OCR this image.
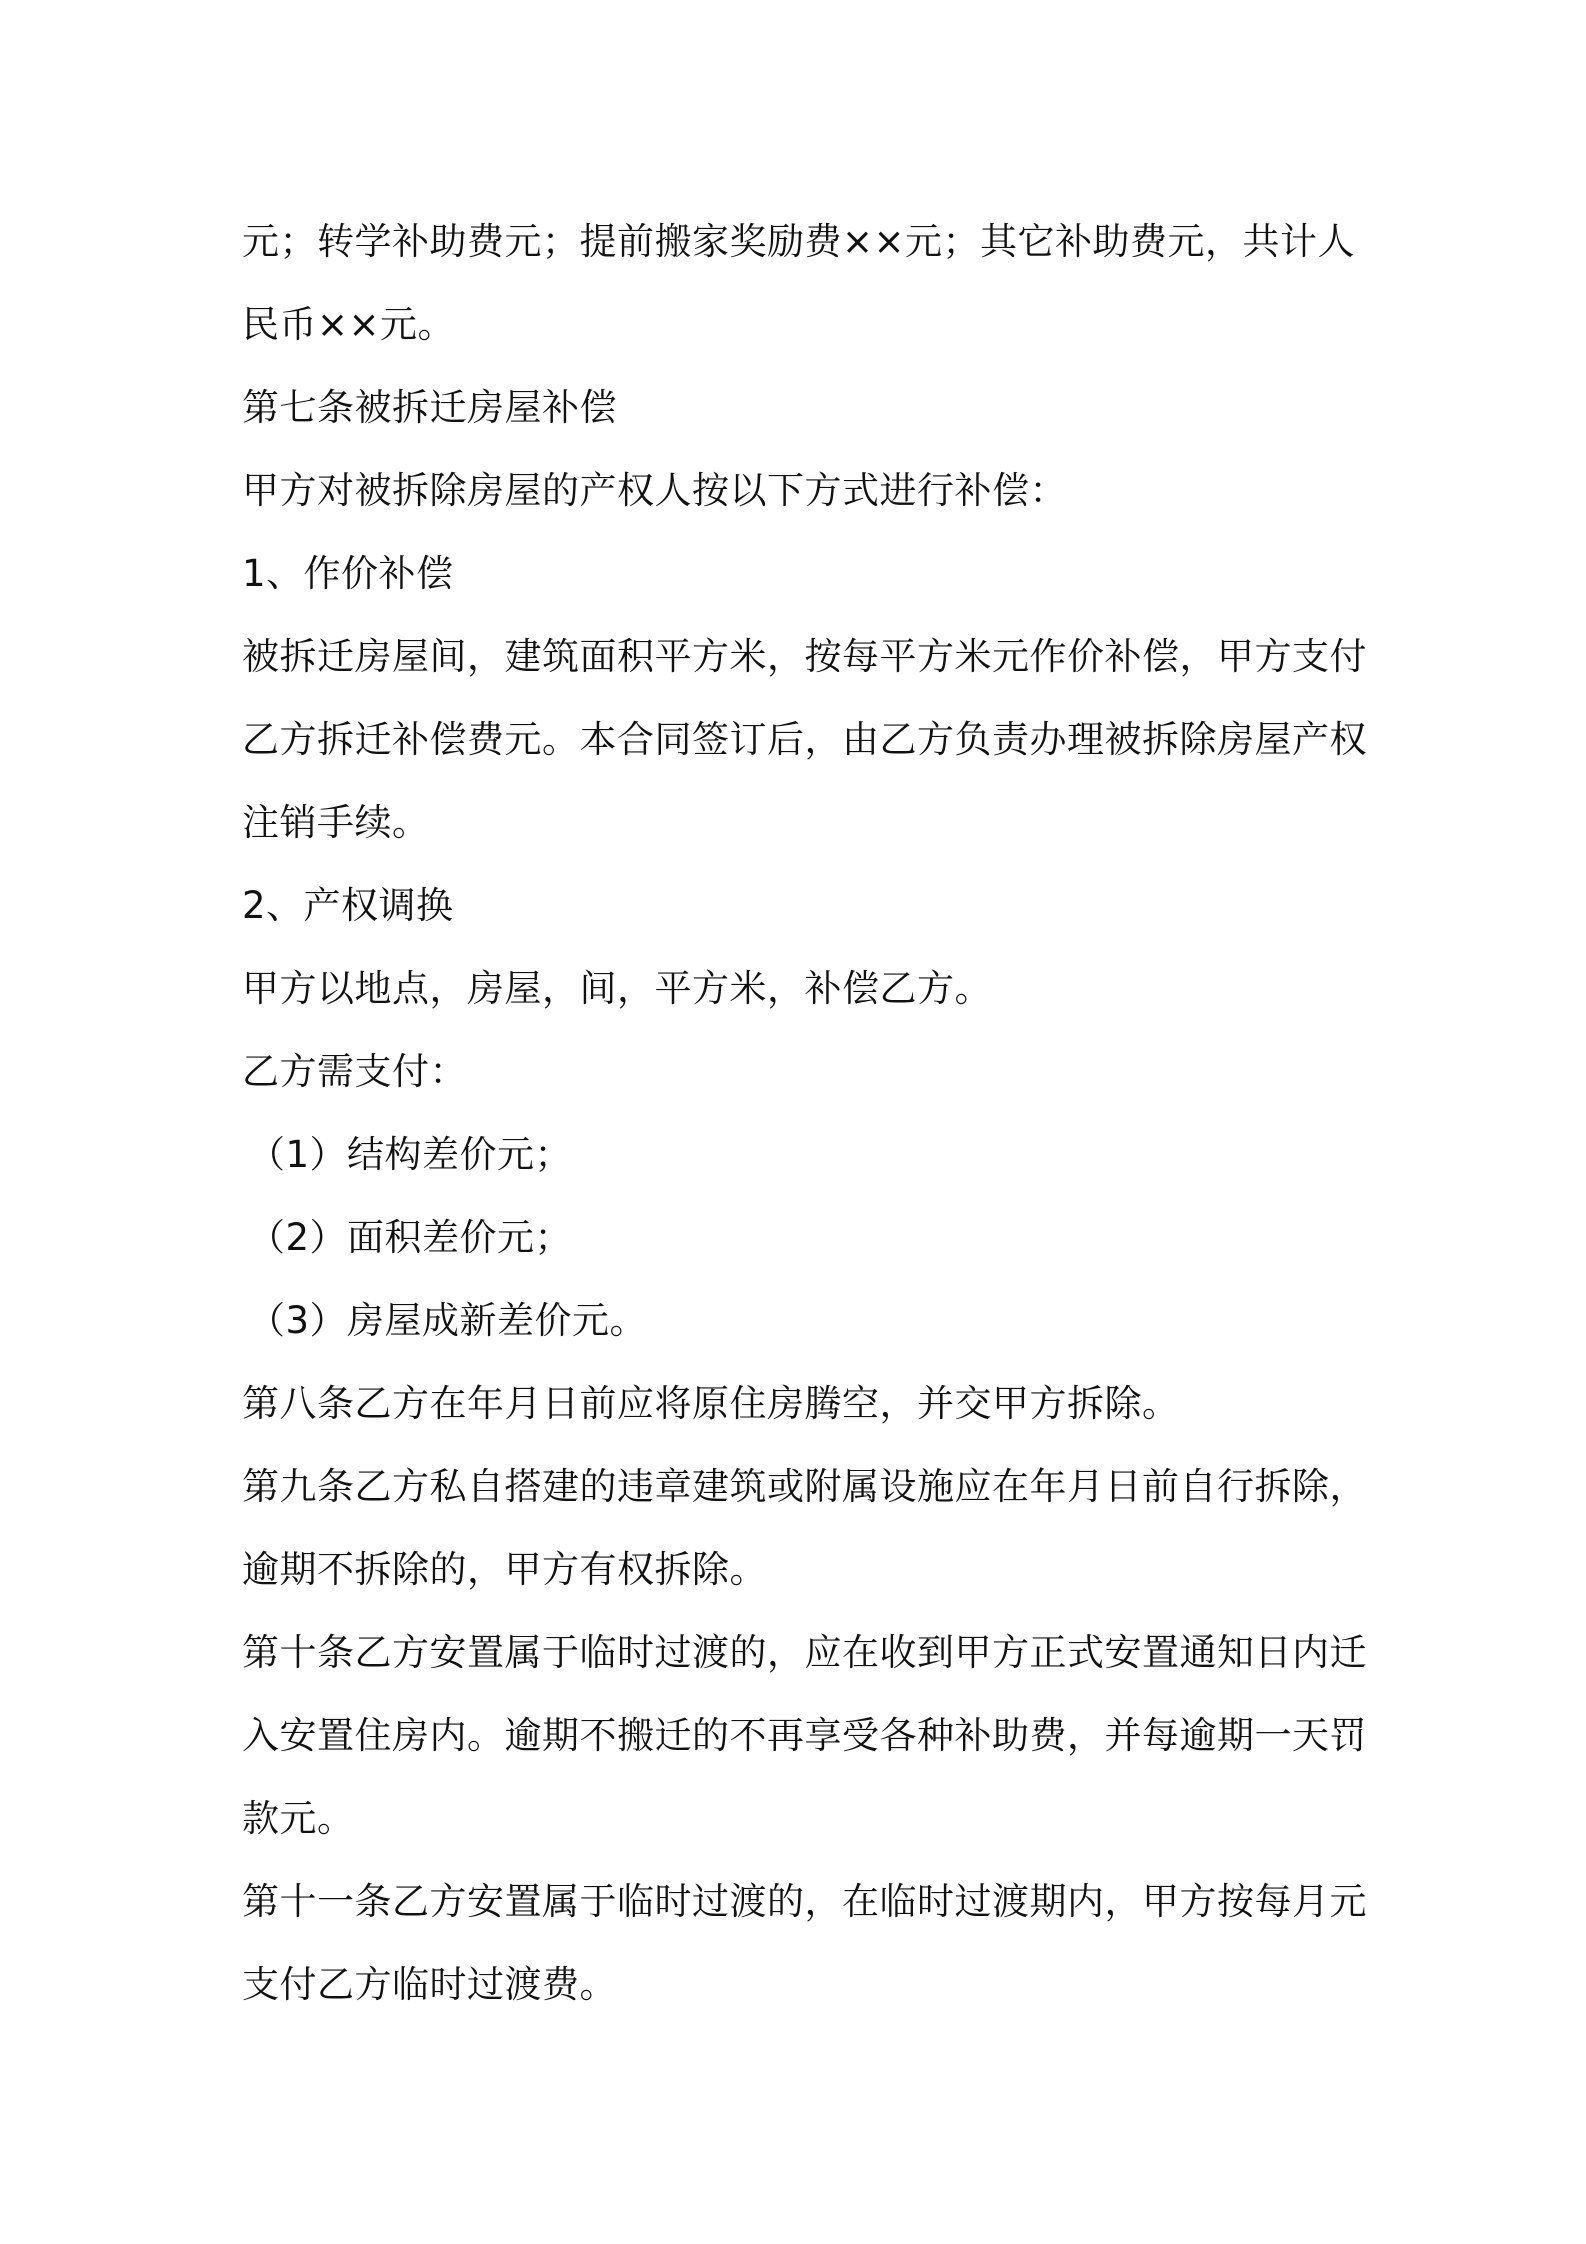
元；转学补助费元；提前搬家奖励费××元；其它补助费元，共计人
民币××元。
第七条被拆迁房屋补偿
甲方对被拆除房屋的产权人按以下方式进行补偿：
1、作价补偿
被拆迁房屋间，建筑面积平方米，按每平方米元作价补偿，甲方支付
乙方拆迁补偿费元。本合同签订后，由乙方负责办理被拆除房屋产权
注销手续。
2、产权调换
甲方以地点，房屋，间，平方米，补偿乙方。
乙方需支付：
（1）结构差价元；
（2）面积差价元；
（3）房屋成新差价元。
第八条乙方在年月日前应将原住房腾空，并交甲方拆除。
第九条乙方私自搭建的违章建筑或附属设施应在年月日前自行拆除，
逾期不拆除的，甲方有权拆除。
第十条乙方安置属于临时过渡的，应在收到甲方正式安置通知日内迁
入安置住房内。逾期不搬迁的不再享受各种补助费，并每逾期一天罚
款元。
第十一条乙方安置属于临时过渡的，在临时过渡期内，甲方按每月元
支付乙方临时过渡费。
